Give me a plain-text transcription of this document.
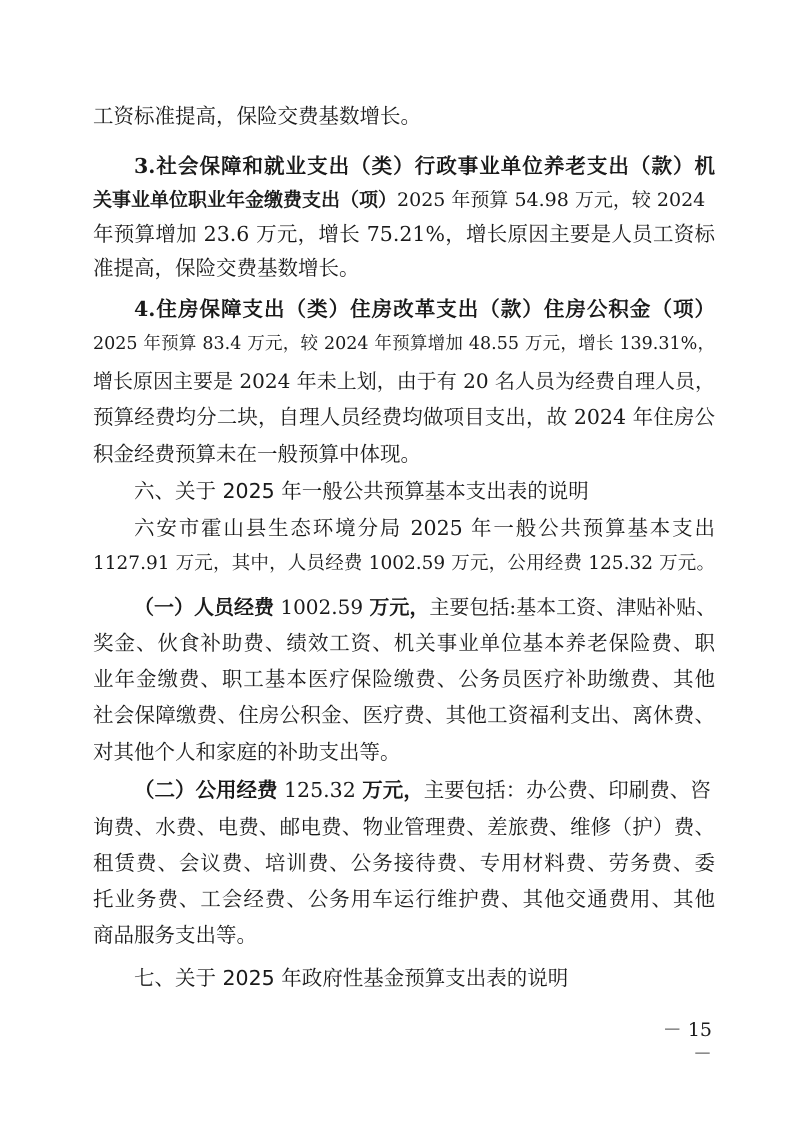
工资标准提高，保险交费基数增长。
3.社会保障和就业支出（类）行政事业单位养老支出（款）机
关事业单位职业年金缴费支出（项）2025 年预算 54.98 万元，较 2024
年预算增加 23.6 万元，增长 75.21%，增长原因主要是人员工资标
准提高，保险交费基数增长。
4.住房保障支出（类）住房改革支出（款）住房公积金（项）
2025 年预算 83.4 万元，较 2024 年预算增加 48.55 万元，增长 139.31%，
增长原因主要是 2024 年未上划，由于有 20 名人员为经费自理人员，
预算经费均分二块，自理人员经费均做项目支出，故 2024 年住房公
积金经费预算未在一般预算中体现。
六、关于 2025 年一般公共预算基本支出表的说明
六安市霍山县生态环境分局 2025 年一般公共预算基本支出
1127.91 万元，其中，人员经费 1002.59 万元，公用经费 125.32 万元。
（一）人员经费 1002.59 万元，主要包括:基本工资、津贴补贴、
奖金、伙食补助费、绩效工资、机关事业单位基本养老保险费、职
业年金缴费、职工基本医疗保险缴费、公务员医疗补助缴费、其他
社会保障缴费、住房公积金、医疗费、其他工资福利支出、离休费、
对其他个人和家庭的补助支出等。
（二）公用经费 125.32 万元，主要包括：办公费、印刷费、咨
询费、水费、电费、邮电费、物业管理费、差旅费、维修（护）费、
租赁费、会议费、培训费、公务接待费、专用材料费、劳务费、委
托业务费、工会经费、公务用车运行维护费、其他交通费用、其他
商品服务支出等。
七、关于 2025 年政府性基金预算支出表的说明
－ 15 －
